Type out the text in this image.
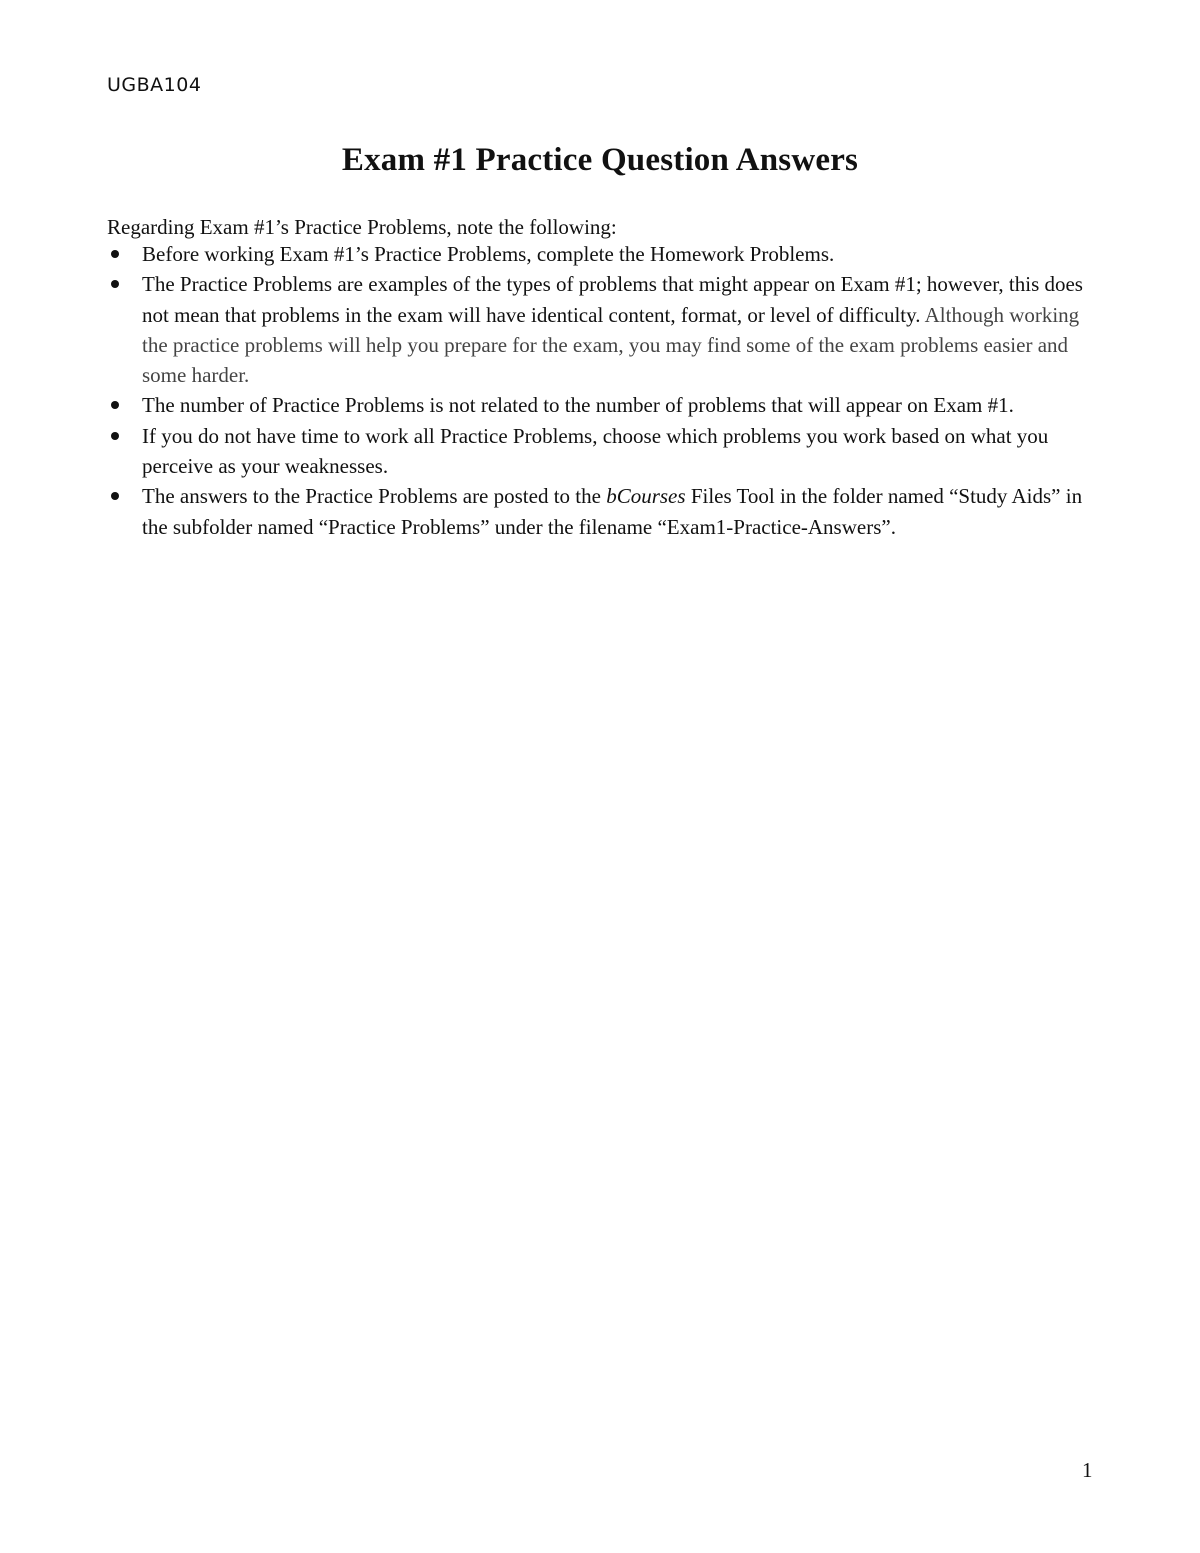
UGBA104
Exam #1 Practice Question Answers
Regarding Exam #1’s Practice Problems, note the following:
Before working Exam #1’s Practice Problems, complete the Homework Problems.
The Practice Problems are examples of the types of problems that might appear on Exam #1; however, this does not mean that problems in the exam will have identical content, format, or level of difficulty. Although working the practice problems will help you prepare for the exam, you may find some of the exam problems easier and some harder.
The number of Practice Problems is not related to the number of problems that will appear on Exam #1.
If you do not have time to work all Practice Problems, choose which problems you work based on what you perceive as your weaknesses.
The answers to the Practice Problems are posted to the bCourses Files Tool in the folder named “Study Aids” in the subfolder named “Practice Problems” under the filename “Exam1-Practice-Answers”.
1
